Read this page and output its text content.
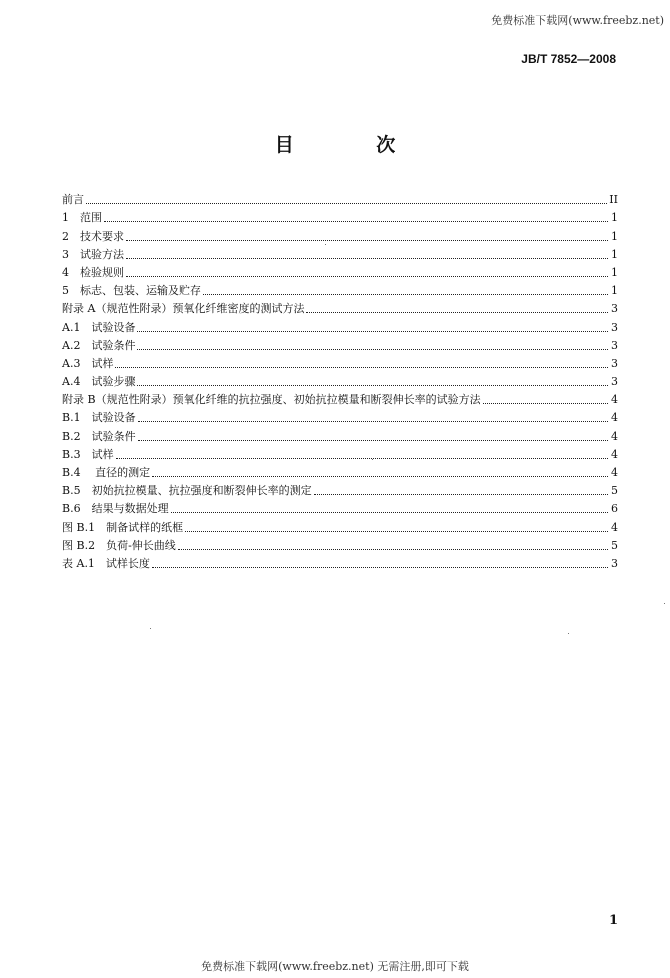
免费标准下载网(www.freebz.net)
JB/T 7852—2008
目 次
前言	II
1　范围	1
2　技术要求	1
3　试验方法	1
4　检验规则	1
5　标志、包装、运输及贮存	1
附录 A（规范性附录）预氧化纤维密度的测试方法	3
A.1　试验设备	3
A.2　试验条件	3
A.3　试样	3
A.4　试验步骤	3
附录 B（规范性附录）预氧化纤维的抗拉强度、初始抗拉模量和断裂伸长率的试验方法	4
B.1　试验设备	4
B.2　试验条件	4
B.3　试样	4
B.4　 直径的测定	4
B.5　初始抗拉模量、抗拉强度和断裂伸长率的测定	5
B.6　结果与数据处理	6
图 B.1　制备试样的纸框	4
图 B.2　负荷-伸长曲线	5
表 A.1　试样长度	3
1
免费标准下载网(www.freebz.net) 无需注册,即可下载
